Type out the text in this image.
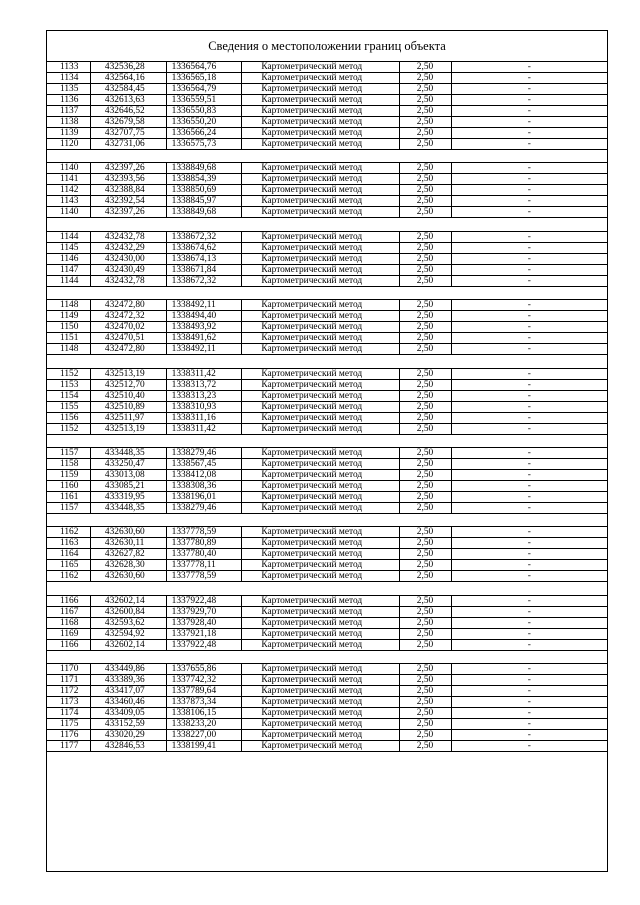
Сведения о местоположении границ объекта
1133	432536,28	1336564,76	Картометрический метод	2,50	-
1134	432564,16	1336565,18	Картометрический метод	2,50	-
1135	432584,45	1336564,79	Картометрический метод	2,50	-
1136	432613,63	1336559,51	Картометрический метод	2,50	-
1137	432646,52	1336550,83	Картометрический метод	2,50	-
1138	432679,58	1336550,20	Картометрический метод	2,50	-
1139	432707,75	1336566,24	Картометрический метод	2,50	-
1120	432731,06	1336575,73	Картометрический метод	2,50	-
1140	432397,26	1338849,68	Картометрический метод	2,50	-
1141	432393,56	1338854,39	Картометрический метод	2,50	-
1142	432388,84	1338850,69	Картометрический метод	2,50	-
1143	432392,54	1338845,97	Картометрический метод	2,50	-
1140	432397,26	1338849,68	Картометрический метод	2,50	-
1144	432432,78	1338672,32	Картометрический метод	2,50	-
1145	432432,29	1338674,62	Картометрический метод	2,50	-
1146	432430,00	1338674,13	Картометрический метод	2,50	-
1147	432430,49	1338671,84	Картометрический метод	2,50	-
1144	432432,78	1338672,32	Картометрический метод	2,50	-
1148	432472,80	1338492,11	Картометрический метод	2,50	-
1149	432472,32	1338494,40	Картометрический метод	2,50	-
1150	432470,02	1338493,92	Картометрический метод	2,50	-
1151	432470,51	1338491,62	Картометрический метод	2,50	-
1148	432472,80	1338492,11	Картометрический метод	2,50	-
1152	432513,19	1338311,42	Картометрический метод	2,50	-
1153	432512,70	1338313,72	Картометрический метод	2,50	-
1154	432510,40	1338313,23	Картометрический метод	2,50	-
1155	432510,89	1338310,93	Картометрический метод	2,50	-
1156	432511,97	1338311,16	Картометрический метод	2,50	-
1152	432513,19	1338311,42	Картометрический метод	2,50	-
1157	433448,35	1338279,46	Картометрический метод	2,50	-
1158	433250,47	1338567,45	Картометрический метод	2,50	-
1159	433013,08	1338412,08	Картометрический метод	2,50	-
1160	433085,21	1338308,36	Картометрический метод	2,50	-
1161	433319,95	1338196,01	Картометрический метод	2,50	-
1157	433448,35	1338279,46	Картометрический метод	2,50	-
1162	432630,60	1337778,59	Картометрический метод	2,50	-
1163	432630,11	1337780,89	Картометрический метод	2,50	-
1164	432627,82	1337780,40	Картометрический метод	2,50	-
1165	432628,30	1337778,11	Картометрический метод	2,50	-
1162	432630,60	1337778,59	Картометрический метод	2,50	-
1166	432602,14	1337922,48	Картометрический метод	2,50	-
1167	432600,84	1337929,70	Картометрический метод	2,50	-
1168	432593,62	1337928,40	Картометрический метод	2,50	-
1169	432594,92	1337921,18	Картометрический метод	2,50	-
1166	432602,14	1337922,48	Картометрический метод	2,50	-
1170	433449,86	1337655,86	Картометрический метод	2,50	-
1171	433389,36	1337742,32	Картометрический метод	2,50	-
1172	433417,07	1337789,64	Картометрический метод	2,50	-
1173	433460,46	1337873,34	Картометрический метод	2,50	-
1174	433409,05	1338106,15	Картометрический метод	2,50	-
1175	433152,59	1338233,20	Картометрический метод	2,50	-
1176	433020,29	1338227,00	Картометрический метод	2,50	-
1177	432846,53	1338199,41	Картометрический метод	2,50	-
